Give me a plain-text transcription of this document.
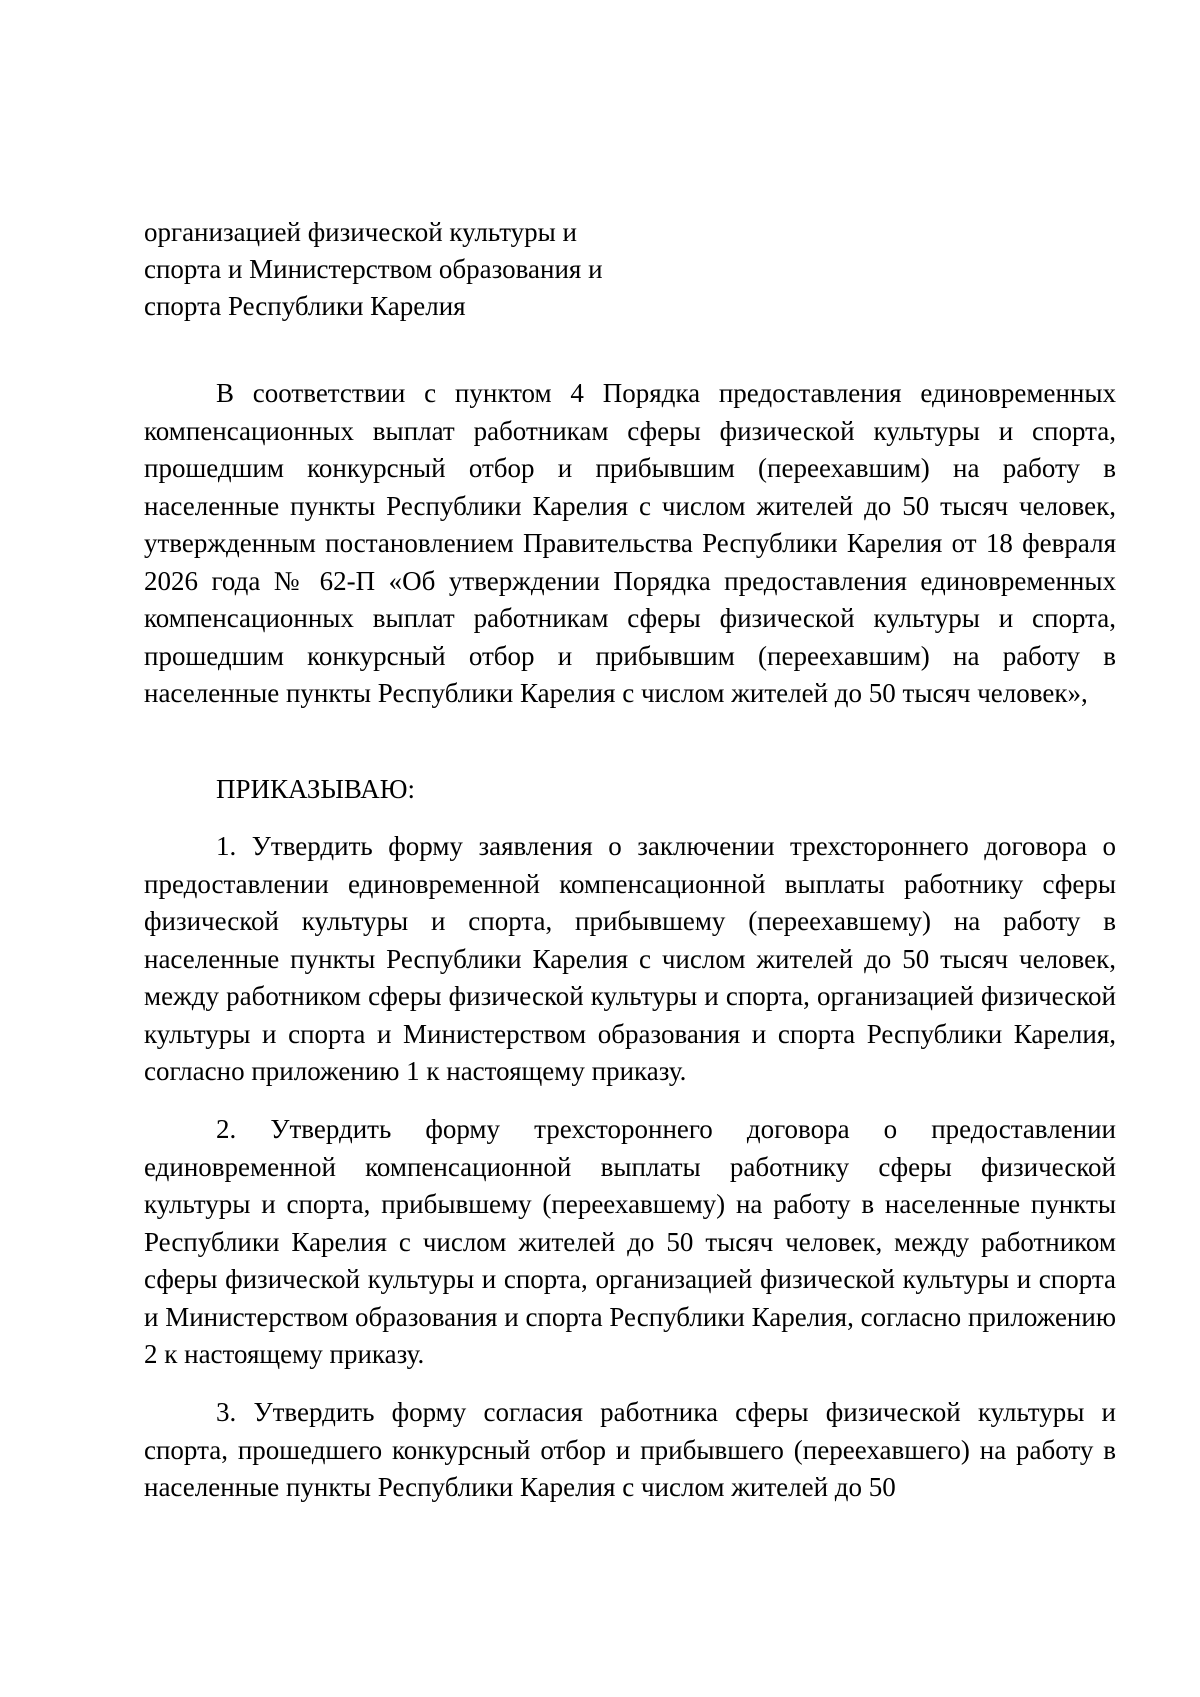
организацией физической культуры и
спорта и Министерством образования и
спорта Республики Карелия

В соответствии с пунктом 4 Порядка предоставления единовременных компенсационных выплат работникам сферы физической культуры и спорта, прошедшим конкурсный отбор и прибывшим (переехавшим) на работу в населенные пункты Республики Карелия с числом жителей до 50 тысяч человек, утвержденным постановлением Правительства Республики Карелия от 18 февраля 2026 года № 62-П «Об утверждении Порядка предоставления единовременных компенсационных выплат работникам сферы физической культуры и спорта, прошедшим конкурсный отбор и прибывшим (переехавшим) на работу в населенные пункты Республики Карелия с числом жителей до 50 тысяч человек»,

ПРИКАЗЫВАЮ:

1. Утвердить форму заявления о заключении трехстороннего договора о предоставлении единовременной компенсационной выплаты работнику сферы физической культуры и спорта, прибывшему (переехавшему) на работу в населенные пункты Республики Карелия с числом жителей до 50 тысяч человек, между работником сферы физической культуры и спорта, организацией физической культуры и спорта и Министерством образования и спорта Республики Карелия, согласно приложению 1 к настоящему приказу.

2. Утвердить форму трехстороннего договора о предоставлении единовременной компенсационной выплаты работнику сферы физической культуры и спорта, прибывшему (переехавшему) на работу в населенные пункты Республики Карелия с числом жителей до 50 тысяч человек, между работником сферы физической культуры и спорта, организацией физической культуры и спорта и Министерством образования и спорта Республики Карелия, согласно приложению 2 к настоящему приказу.

3. Утвердить форму согласия работника сферы физической культуры и спорта, прошедшего конкурсный отбор и прибывшего (переехавшего) на работу в населенные пункты Республики Карелия с числом жителей до 50
